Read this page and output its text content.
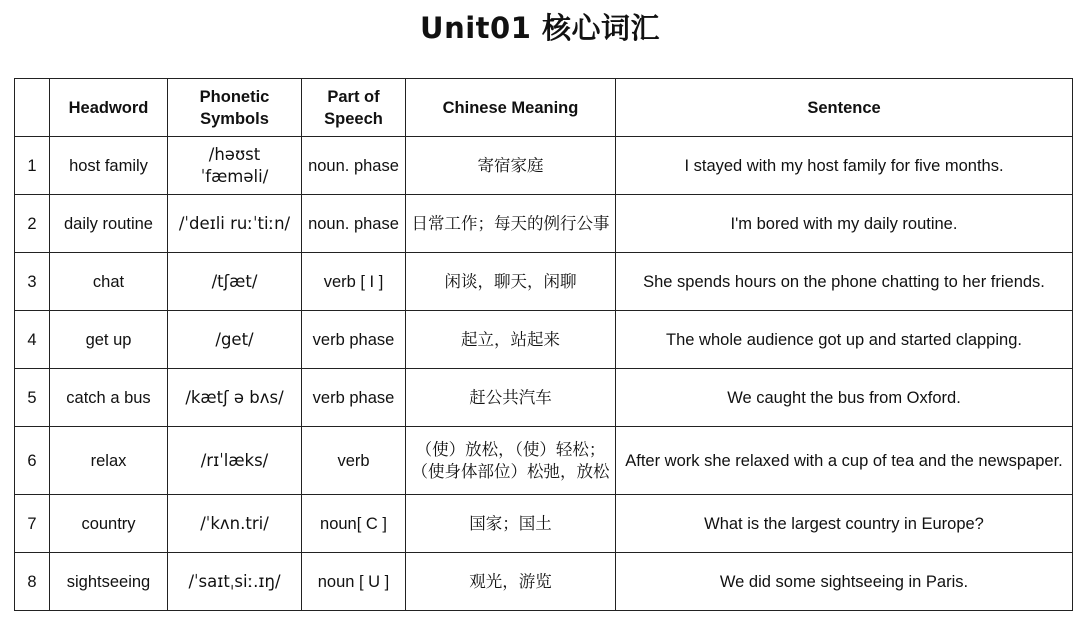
Unit01 核心词汇
	Headword	Phonetic Symbols	Part of Speech	Chinese Meaning	Sentence
1	host family	/həʊst ˈfæməli/	noun. phase	寄宿家庭	I stayed with my host family for five months.
2	daily routine	/ˈdeɪli ruːˈtiːn/	noun. phase	日常工作；每天的例行公事	I'm bored with my daily routine.
3	chat	/tʃæt/	verb [ I ]	闲谈，聊天，闲聊	She spends hours on the phone chatting to her friends.
4	get up	/get/	verb phase	起立，站起来	The whole audience got up and started clapping.
5	catch a bus	/kætʃ ə bʌs/	verb phase	赶公共汽车	We caught the bus from Oxford.
6	relax	/rɪˈlæks/	verb	（使）放松，（使）轻松；（使身体部位）松弛，放松	After work she relaxed with a cup of tea and the newspaper.
7	country	/ˈkʌn.tri/	noun[ C ]	国家；国土	What is the largest country in Europe?
8	sightseeing	/ˈsaɪtˌsiː.ɪŋ/	noun [ U ]	观光，游览	We did some sightseeing in Paris.
